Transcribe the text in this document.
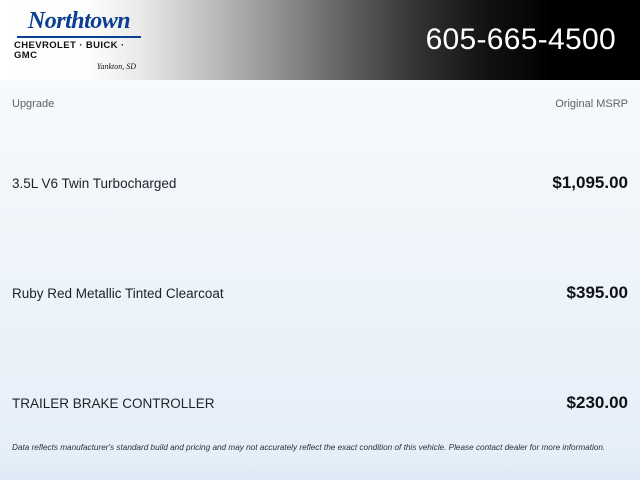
Northtown
CHEVROLET · BUICK · GMC
Yankton, SD
605-665-4500
Upgrade	Original MSRP
3.5L V6 Twin Turbocharged	$1,095.00
Ruby Red Metallic Tinted Clearcoat	$395.00
TRAILER BRAKE CONTROLLER	$230.00
Data reflects manufacturer's standard build and pricing and may not accurately reflect the exact condition of this vehicle. Please contact dealer for more information.
